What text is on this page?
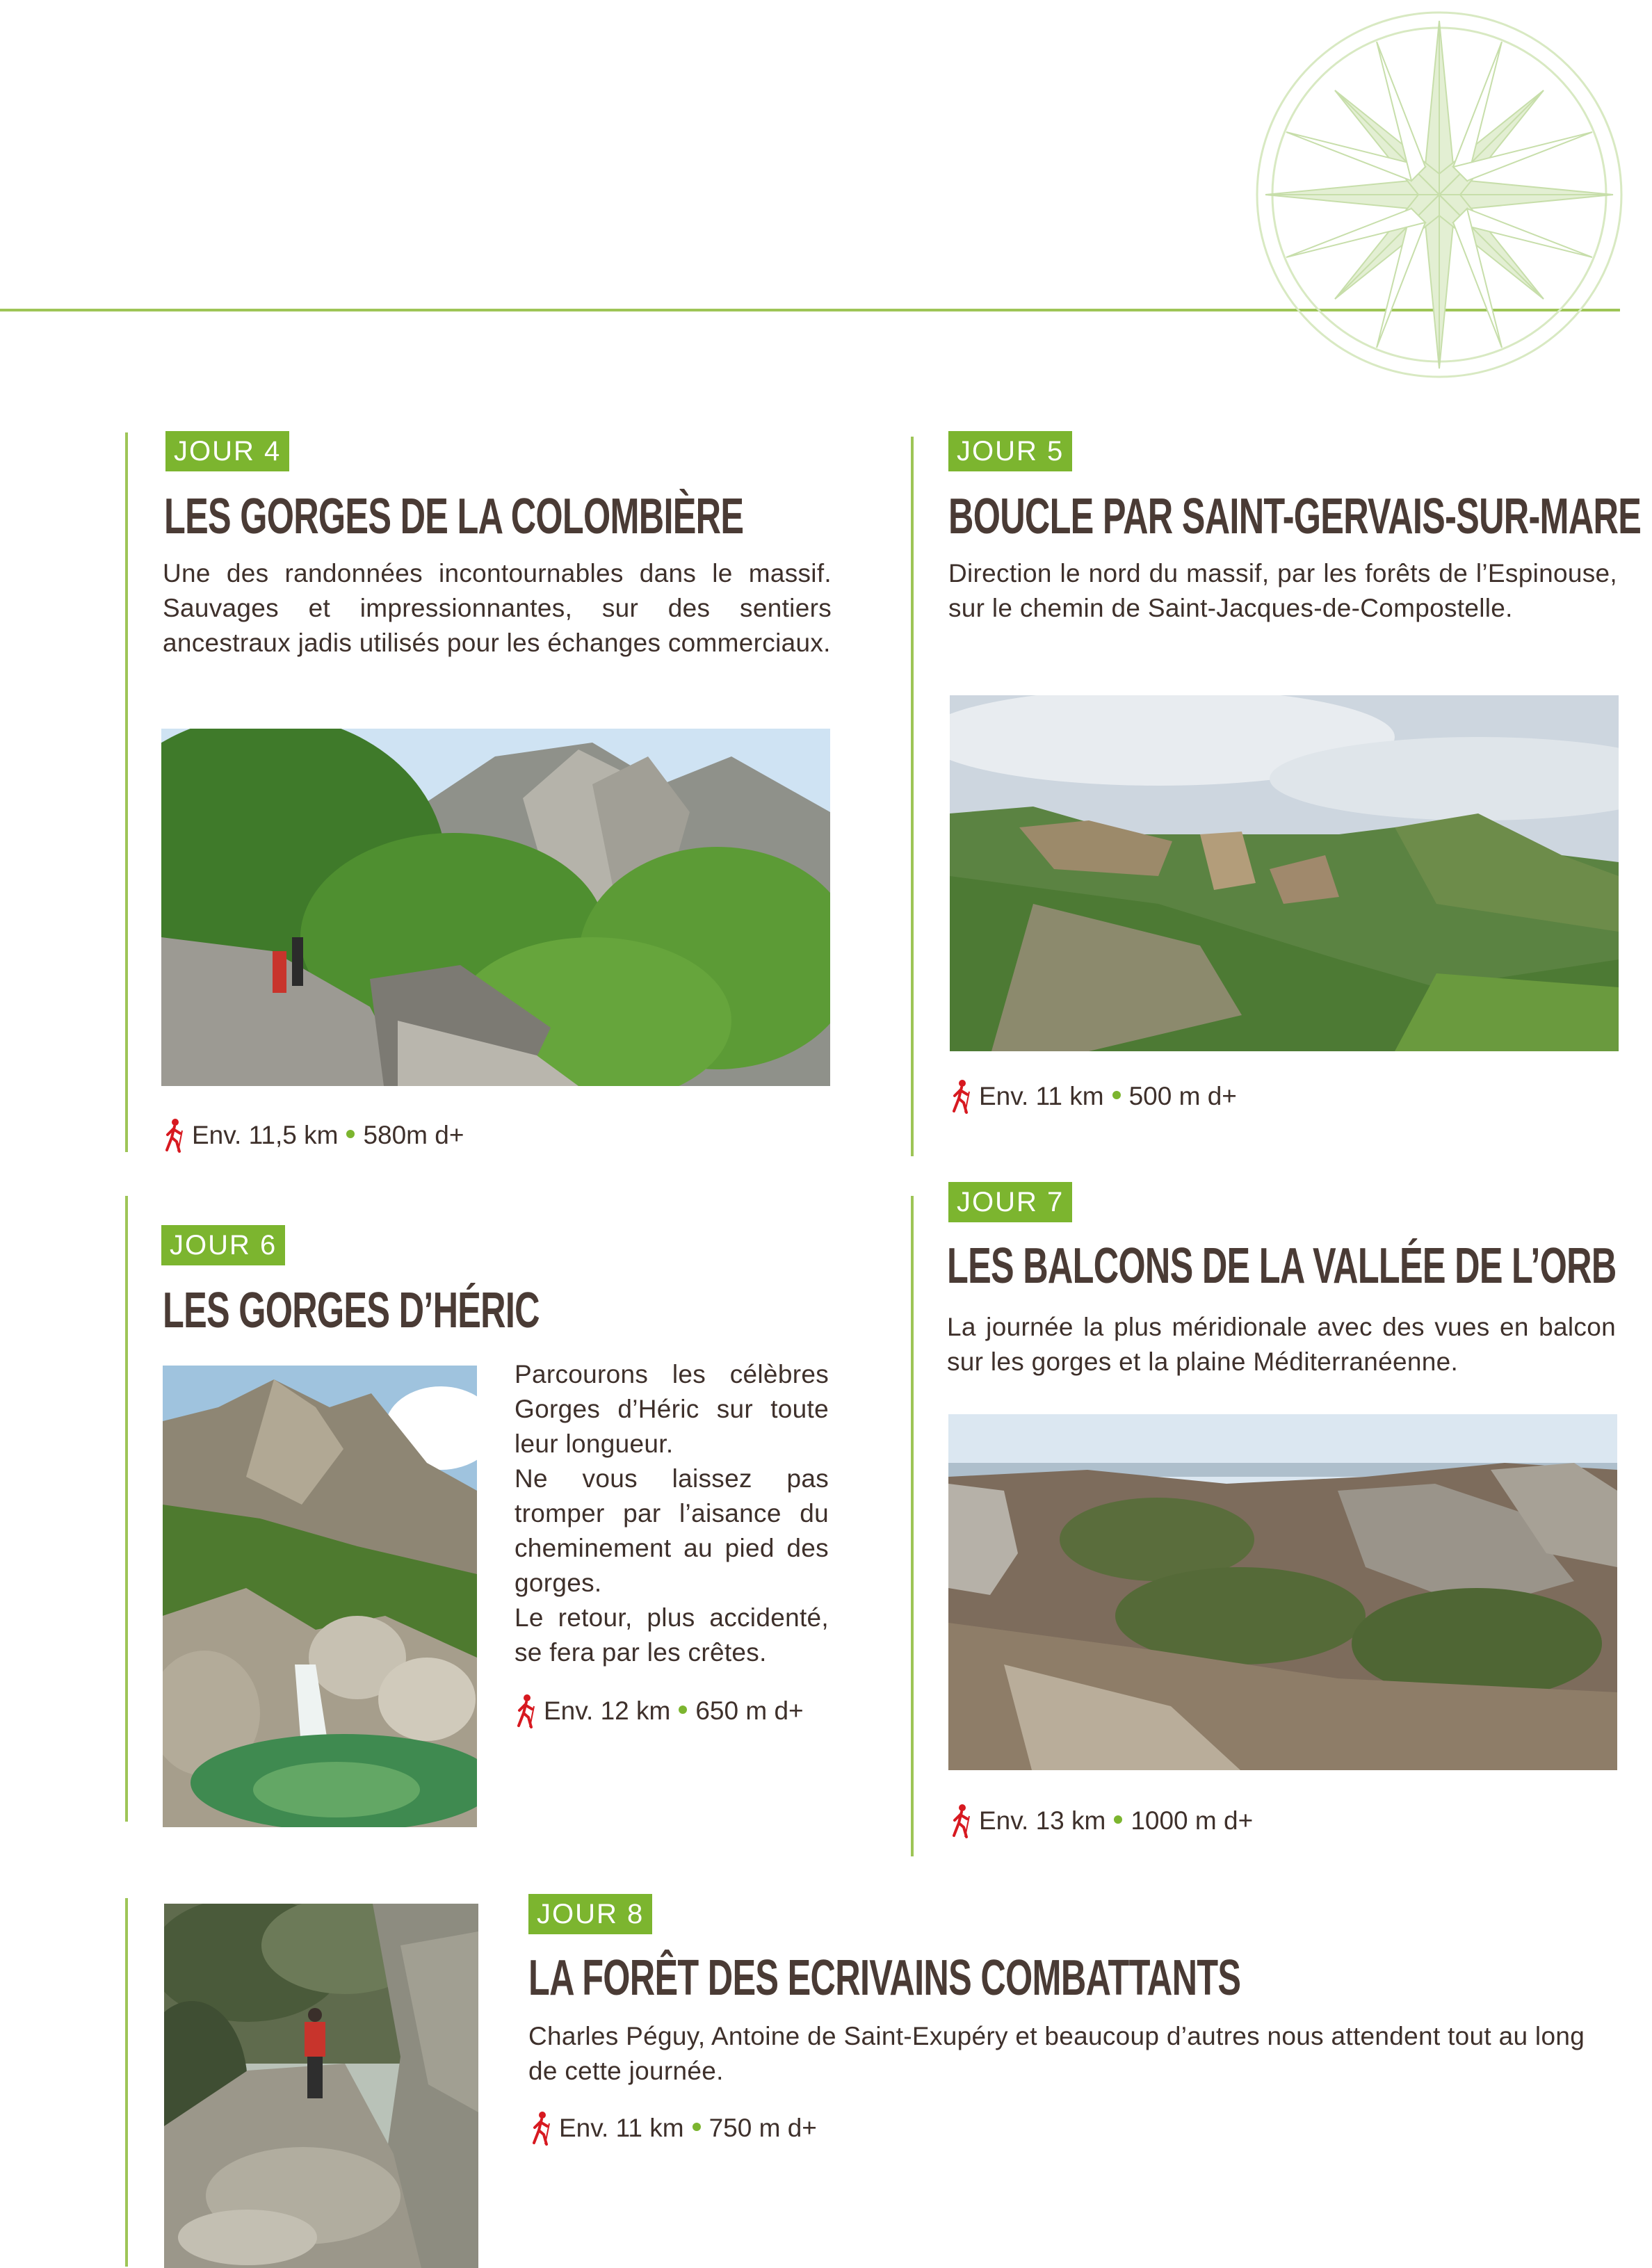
JOUR 4
LES GORGES DE LA COLOMBIÈRE

Une des randonnées incontournables dans le massif. Sauvages et impressionnantes, sur des sentiers ancestraux jadis utilisés pour les échanges commerciaux.

Env. 11,5 km 580m d+
JOUR 5
BOUCLE PAR SAINT-GERVAIS-SUR-MARE

Direction le nord du massif, par les forêts de l’Espinouse, sur le chemin de Saint-Jacques-de-Compostelle.

Env. 11 km 500 m d+
JOUR 6
LES GORGES D’HÉRIC
Parcourons les célèbres Gorges d’Héric sur toute leur longueur.
Ne vous laissez pas tromper par l’aisance du cheminement au pied des gorges.
Le retour, plus accidenté, se fera par les crêtes.
Env. 12 km 650 m d+
JOUR 7
LES BALCONS DE LA VALLÉE DE L’ORB

La journée la plus méridionale avec des vues en balcon sur les gorges et la plaine Méditerranéenne.

Env. 13 km 1000 m d+
JOUR 8
LA FORÊT DES ECRIVAINS COMBATTANTS

Charles Péguy, Antoine de Saint-Exupéry et beaucoup d’autres nous attendent tout au long de cette journée.

Env. 11 km 750 m d+
